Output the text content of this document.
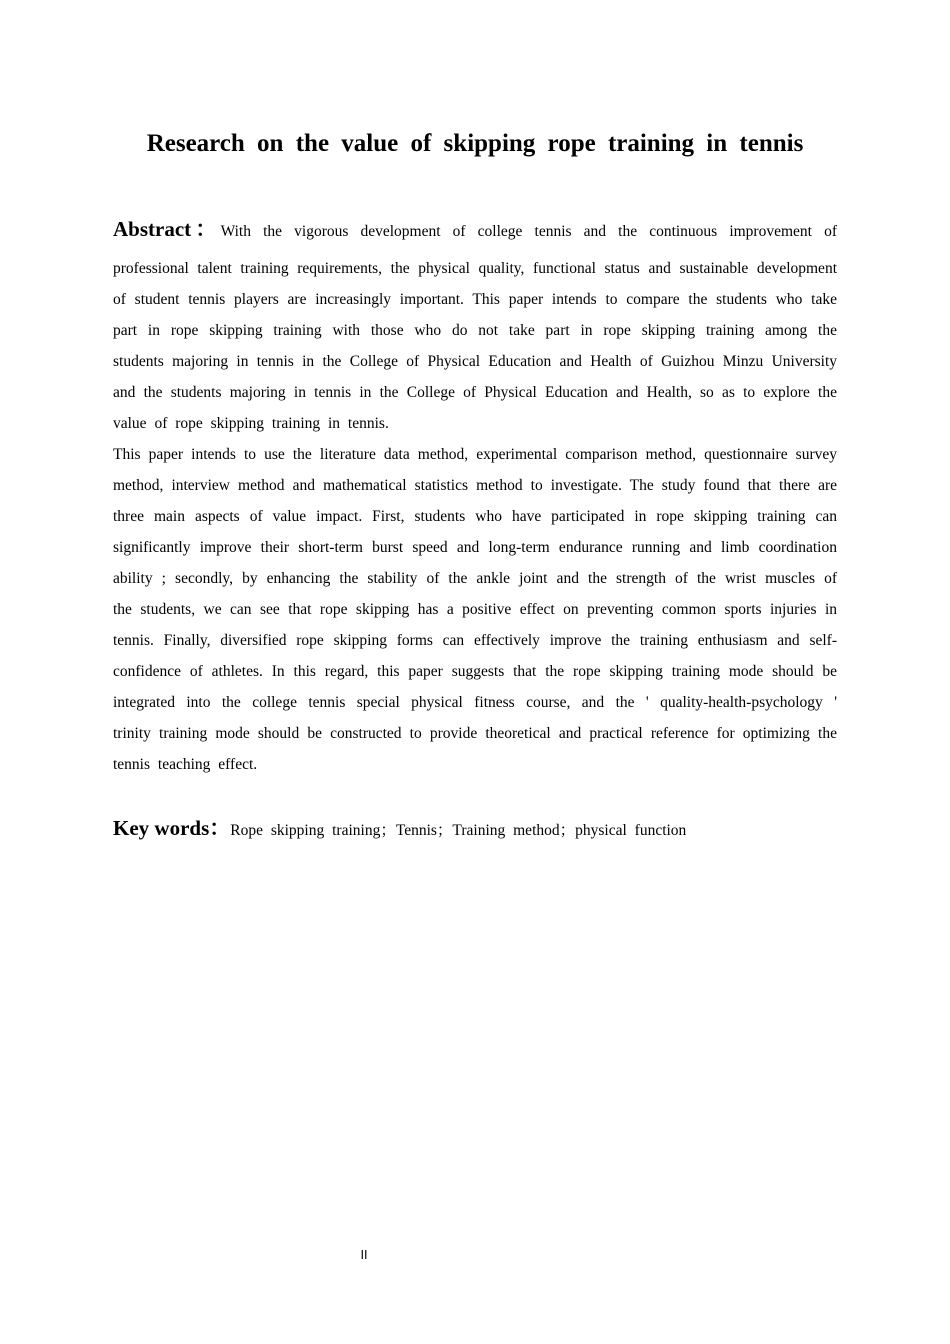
Research on the value of skipping rope training in tennis

Abstract：With the vigorous development of college tennis and the continuous improvement of
professional talent training requirements, the physical quality, functional status and sustainable development of student tennis players are increasingly important. This paper intends to compare the students who take part in rope skipping training with those who do not take part in rope skipping training among the students majoring in tennis in the College of Physical Education and Health of Guizhou Minzu University and the students majoring in tennis in the College of Physical Education and Health, so as to explore the value of rope skipping training in tennis.

This paper intends to use the literature data method, experimental comparison method, questionnaire survey method, interview method and mathematical statistics method to investigate. The study found that there are three main aspects of value impact. First, students who have participated in rope skipping training can significantly improve their short-term burst speed and long-term endurance running and limb coordination ability ; secondly, by enhancing the stability of the ankle joint and the strength of the wrist muscles of the students, we can see that rope skipping has a positive effect on preventing common sports injuries in tennis. Finally, diversified rope skipping forms can effectively improve the training enthusiasm and self-confidence of athletes. In this regard, this paper suggests that the rope skipping training mode should be integrated into the college tennis special physical fitness course, and the ' quality-health-psychology ' trinity training mode should be constructed to provide theoretical and practical reference for optimizing the tennis teaching effect.

Key words：Rope skipping training；Tennis；Training method；physical function

II
